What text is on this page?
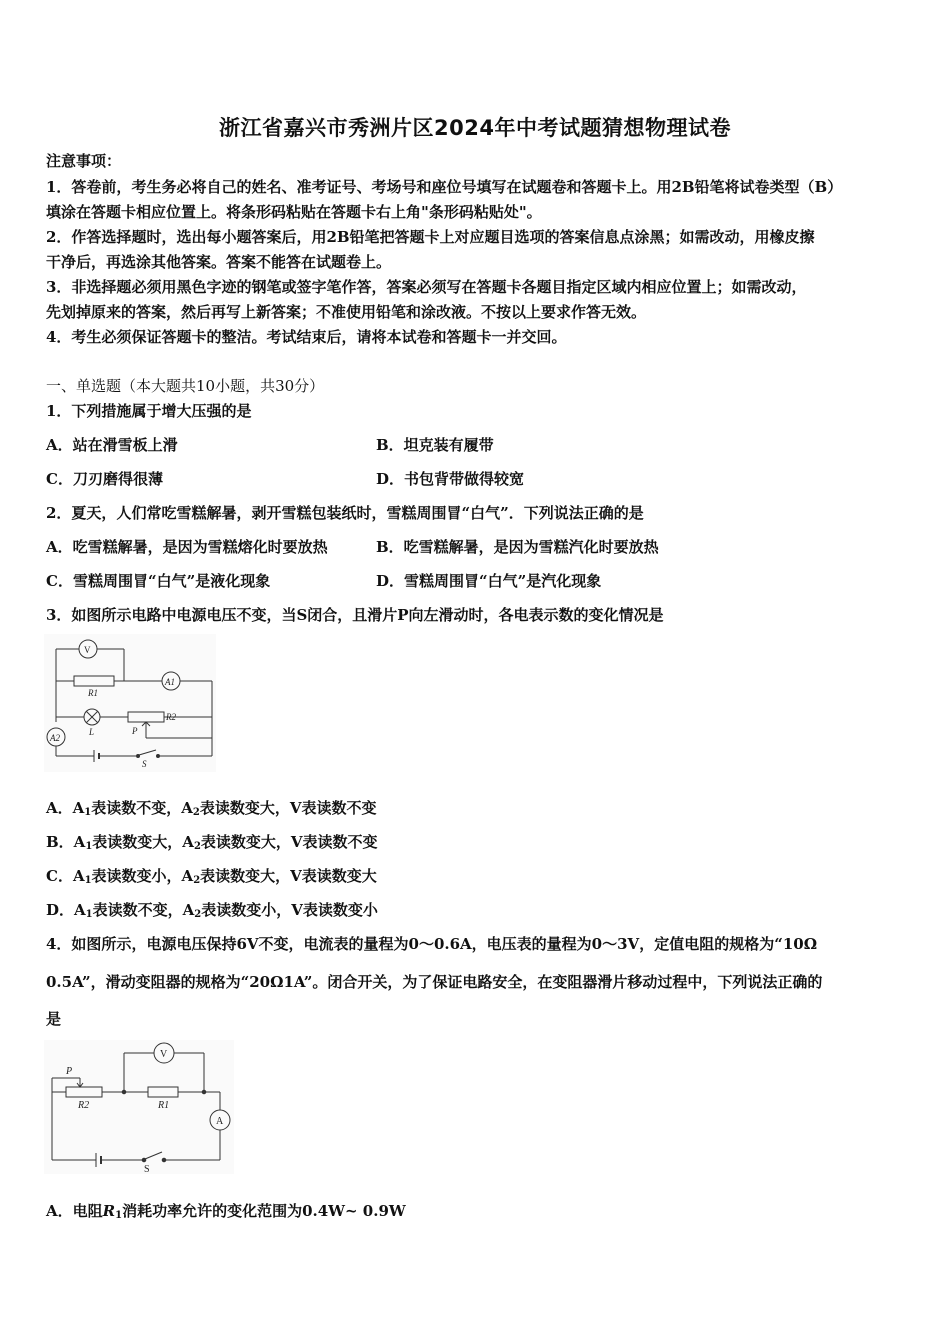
浙江省嘉兴市秀洲片区2024年中考试题猜想物理试卷
注意事项：
1．答卷前，考生务必将自己的姓名、准考证号、考场号和座位号填写在试题卷和答题卡上。用2B铅笔将试卷类型（B）
填涂在答题卡相应位置上。将条形码粘贴在答题卡右上角"条形码粘贴处"。
2．作答选择题时，选出每小题答案后，用2B铅笔把答题卡上对应题目选项的答案信息点涂黑；如需改动，用橡皮擦
干净后，再选涂其他答案。答案不能答在试题卷上。
3．非选择题必须用黑色字迹的钢笔或签字笔作答，答案必须写在答题卡各题目指定区域内相应位置上；如需改动，
先划掉原来的答案，然后再写上新答案；不准使用铅笔和涂改液。不按以上要求作答无效。
4．考生必须保证答题卡的整洁。考试结束后，请将本试卷和答题卡一并交回。
一、单选题（本大题共10小题，共30分）
1．下列措施属于增大压强的是
A．站在滑雪板上滑	B．坦克装有履带
C．刀刃磨得很薄	D．书包背带做得较宽
2．夏天，人们常吃雪糕解暑，剥开雪糕包装纸时，雪糕周围冒“白气”．下列说法正确的是
A．吃雪糕解暑，是因为雪糕熔化时要放热	B．吃雪糕解暑，是因为雪糕汽化时要放热
C．雪糕周围冒“白气”是液化现象	D．雪糕周围冒“白气”是汽化现象
3．如图所示电路中电源电压不变，当S闭合，且滑片P向左滑动时，各电表示数的变化情况是
V
A1
A2
R1
R2
L	P
S
A．$A_1$表读数不变，$A_2$表读数变大，V表读数不变
B．$A_1$表读数变大，$A_2$表读数变大，V表读数不变
C．$A_1$表读数变小，$A_2$表读数变大，V表读数变大
D．$A_1$表读数不变，$A_2$表读数变小，V表读数变小
4．如图所示，电源电压保持6V不变，电流表的量程为0～0.6A，电压表的量程为0～3V，定值电阻的规格为“10Ω
0.5A”，滑动变阻器的规格为“20Ω1A”。闭合开关，为了保证电路安全，在变阻器滑片移动过程中，下列说法正确的
是
V
A
R2	R1
P
S
A．电阻$R_1$消耗功率允许的变化范围为0.4W~ 0.9W
